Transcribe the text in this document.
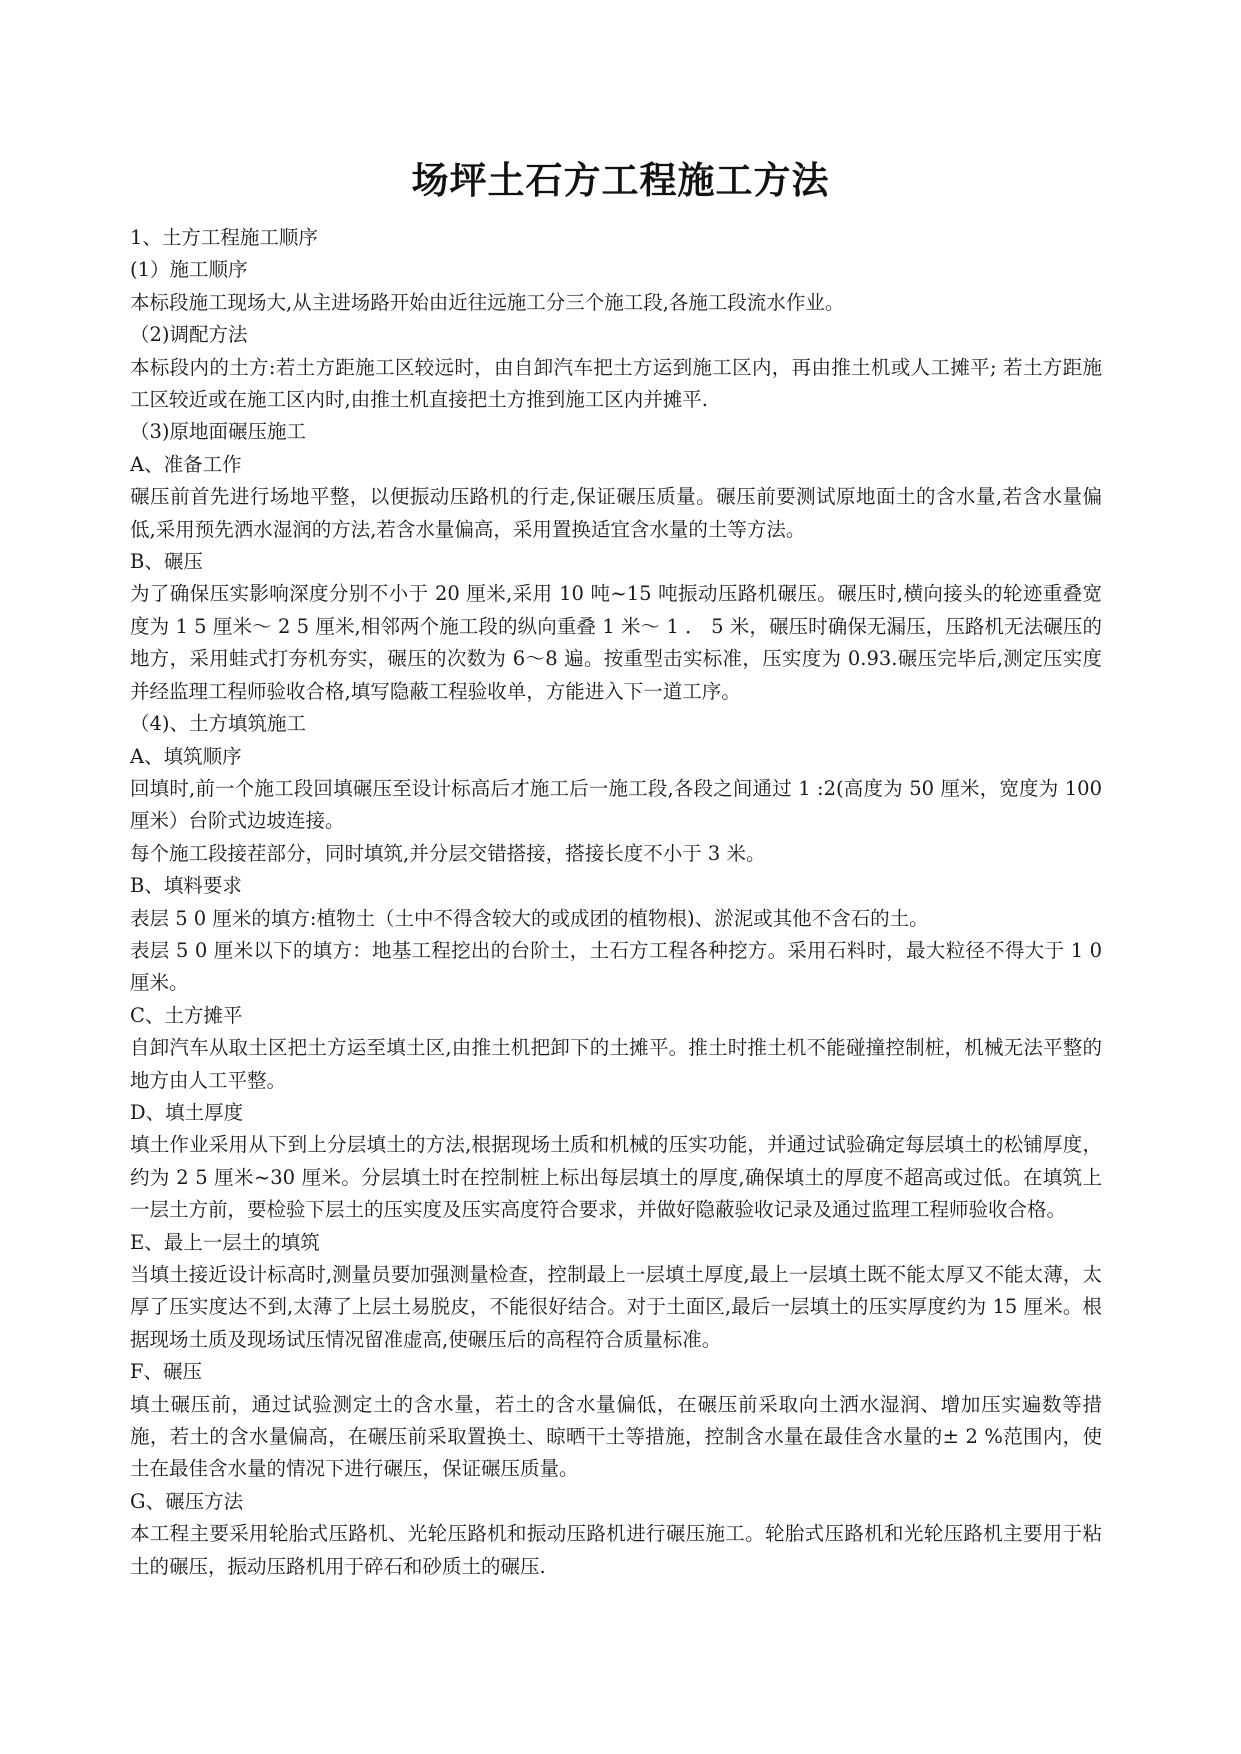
场坪土石方工程施工方法

1、土方工程施工顺序

(1）施工顺序

本标段施工现场大,从主进场路开始由近往远施工分三个施工段,各施工段流水作业。

（2)调配方法

本标段内的土方:若土方距施工区较远时，由自卸汽车把土方运到施工区内，再由推土机或人工摊平; 若土方距施工区较近或在施工区内时,由推土机直接把土方推到施工区内并摊平.

（3)原地面碾压施工

A、准备工作

碾压前首先进行场地平整，以便振动压路机的行走,保证碾压质量。碾压前要测试原地面土的含水量,若含水量偏低,采用预先洒水湿润的方法,若含水量偏高，采用置换适宜含水量的土等方法。

B、碾压

为了确保压实影响深度分别不小于 20 厘米,采用 10 吨~15 吨振动压路机碾压。碾压时,横向接头的轮迹重叠宽度为 1 5 厘米～ 2 5 厘米,相邻两个施工段的纵向重叠 1 米～ 1 ． 5 米，碾压时确保无漏压，压路机无法碾压的地方，采用蛙式打夯机夯实，碾压的次数为 6～8 遍。按重型击实标准，压实度为 0.93.碾压完毕后,测定压实度并经监理工程师验收合格,填写隐蔽工程验收单，方能进入下一道工序。

（4)、土方填筑施工

A、填筑顺序

回填时,前一个施工段回填碾压至设计标高后才施工后一施工段,各段之间通过 1 :2(高度为 50 厘米，宽度为 100 厘米）台阶式边坡连接。

每个施工段接茬部分，同时填筑,并分层交错搭接，搭接长度不小于 3 米。

B、填料要求

表层 5 0 厘米的填方:植物土（土中不得含较大的或成团的植物根)、淤泥或其他不含石的土。

表层 5 0 厘米以下的填方：地基工程挖出的台阶土，土石方工程各种挖方。采用石料时，最大粒径不得大于 1 0 厘米。

C、土方摊平

自卸汽车从取土区把土方运至填土区,由推土机把卸下的土摊平。推土时推土机不能碰撞控制桩，机械无法平整的地方由人工平整。

D、填土厚度

填土作业采用从下到上分层填土的方法,根据现场土质和机械的压实功能，并通过试验确定每层填土的松铺厚度，约为 2 5 厘米~30 厘米。分层填土时在控制桩上标出每层填土的厚度,确保填土的厚度不超高或过低。在填筑上一层土方前，要检验下层土的压实度及压实高度符合要求，并做好隐蔽验收记录及通过监理工程师验收合格。

E、最上一层土的填筑

当填土接近设计标高时,测量员要加强测量检查，控制最上一层填土厚度,最上一层填土既不能太厚又不能太薄，太厚了压实度达不到,太薄了上层土易脱皮，不能很好结合。对于土面区,最后一层填土的压实厚度约为 15 厘米。根据现场土质及现场试压情况留准虚高,使碾压后的高程符合质量标准。

F、碾压

填土碾压前，通过试验测定土的含水量，若土的含水量偏低，在碾压前采取向土洒水湿润、增加压实遍数等措施，若土的含水量偏高，在碾压前采取置换土、晾晒干土等措施，控制含水量在最佳含水量的± 2 %范围内，使土在最佳含水量的情况下进行碾压，保证碾压质量。

G、碾压方法

本工程主要采用轮胎式压路机、光轮压路机和振动压路机进行碾压施工。轮胎式压路机和光轮压路机主要用于粘土的碾压，振动压路机用于碎石和砂质土的碾压.
